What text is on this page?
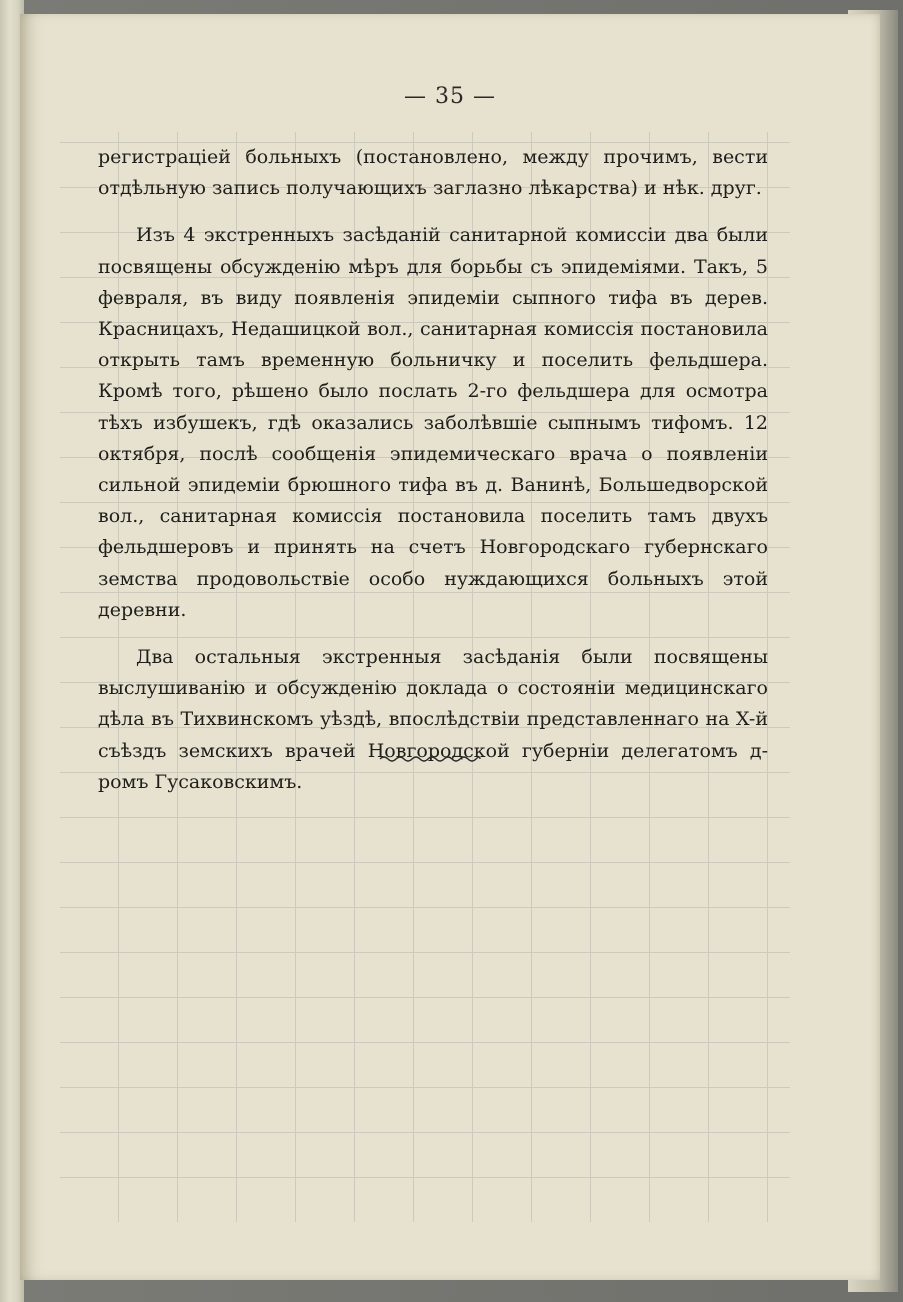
— 35 —

регистраціей больныхъ (постановлено, между прочимъ, вести отдѣльную запись получающихъ заглазно лѣкарства) и нѣк. друг.

Изъ 4 экстренныхъ засѣданій санитарной комиссіи два были посвящены обсужденію мѣръ для борьбы съ эпидеміями. Такъ, 5 февраля, въ виду появленія эпидеміи сыпного тифа въ дерев. Красницахъ, Недашицкой вол., санитарная комиссія постановила открыть тамъ временную больничку и поселить фельдшера. Кромѣ того, рѣшено было послать 2-го фельдшера для осмотра тѣхъ избушекъ, гдѣ оказались заболѣвшіе сыпнымъ тифомъ. 12 октября, послѣ сообщенія эпидемическаго врача о появленіи сильной эпидеміи брюшного тифа въ д. Ванинѣ, Большедворской вол., санитарная комиссія постановила поселить тамъ двухъ фельдшеровъ и принять на счетъ Новгородскаго губернскаго земства продовольствіе особо нуждающихся больныхъ этой деревни.

Два остальныя экстренныя засѣданія были посвящены выслушиванію и обсужденію доклада о состояніи медицинскаго дѣла въ Тихвинскомъ уѣздѣ, впослѣдствіи представленнаго на X-й съѣздъ земскихъ врачей Новгородской губерніи делегатомъ д-ромъ Гусаковскимъ.
